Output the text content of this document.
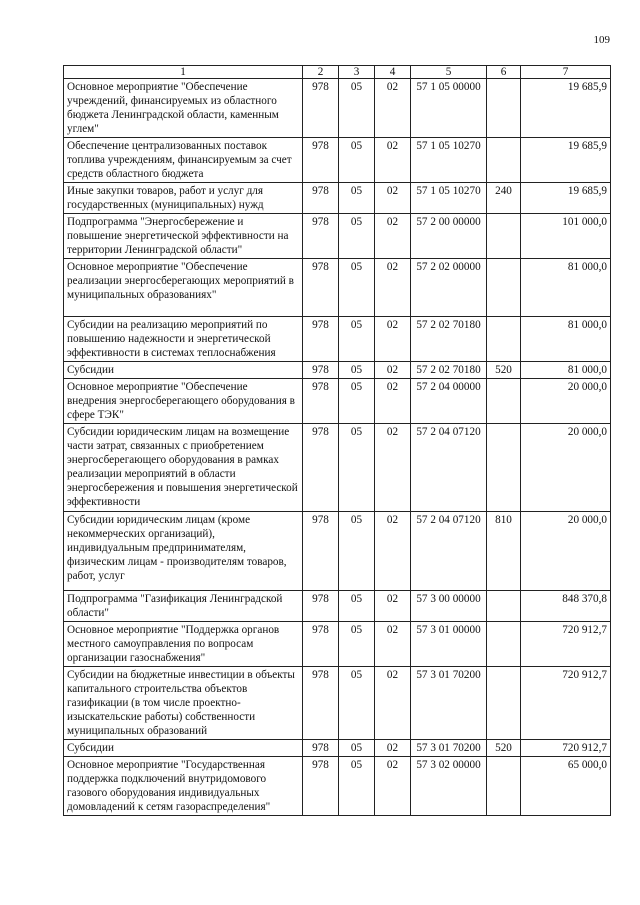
109
1	2	3	4	5	6	7
Основное мероприятие "Обеспечение учреждений, финансируемых из областного бюджета Ленинградской области, каменным углем"	978	05	02	57 1 05 00000		19 685,9
Обеспечение централизованных поставок топлива учреждениям, финансируемым за счет средств областного бюджета	978	05	02	57 1 05 10270		19 685,9
Иные закупки товаров, работ и услуг для государственных (муниципальных) нужд	978	05	02	57 1 05 10270	240	19 685,9
Подпрограмма "Энергосбережение и повышение энергетической эффективности на территории Ленинградской области"	978	05	02	57 2 00 00000		101 000,0
Основное мероприятие "Обеспечение реализации энергосберегающих мероприятий в муниципальных образованиях"	978	05	02	57 2 02 00000		81 000,0
Субсидии на реализацию мероприятий по повышению надежности и энергетической эффективности в системах теплоснабжения	978	05	02	57 2 02 70180		81 000,0
Субсидии	978	05	02	57 2 02 70180	520	81 000,0
Основное мероприятие "Обеспечение внедрения энергосберегающего оборудования в сфере ТЭК"	978	05	02	57 2 04 00000		20 000,0
Субсидии юридическим лицам на возмещение части затрат, связанных с приобретением энергосберегающего оборудования в рамках реализации мероприятий в области энергосбережения и повышения энергетической эффективности	978	05	02	57 2 04 07120		20 000,0
Субсидии юридическим лицам (кроме некоммерческих организаций), индивидуальным предпринимателям, физическим лицам - производителям товаров, работ, услуг	978	05	02	57 2 04 07120	810	20 000,0
Подпрограмма "Газификация Ленинградской области"	978	05	02	57 3 00 00000		848 370,8
Основное мероприятие "Поддержка органов местного самоуправления по вопросам организации газоснабжения"	978	05	02	57 3 01 00000		720 912,7
Субсидии на бюджетные инвестиции в объекты капитального строительства объектов газификации (в том числе проектно-изыскательские работы) собственности муниципальных образований	978	05	02	57 3 01 70200		720 912,7
Субсидии	978	05	02	57 3 01 70200	520	720 912,7
Основное мероприятие "Государственная поддержка подключений внутридомового газового оборудования индивидуальных домовладений к сетям газораспределения"	978	05	02	57 3 02 00000		65 000,0
